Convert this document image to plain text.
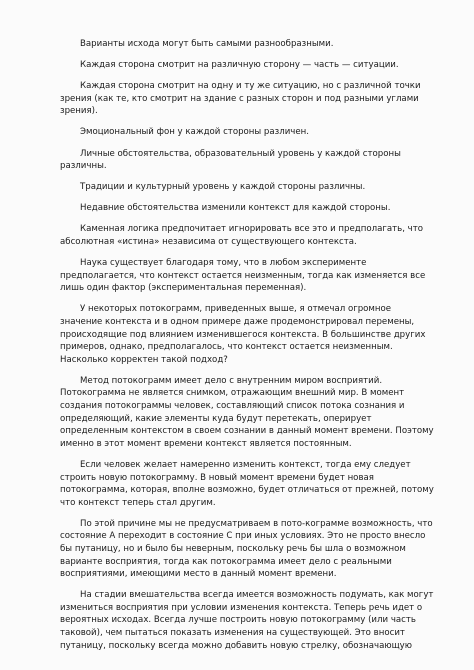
Варианты исхода могут быть самыми разнообразными.

Каждая сторона смотрит на различную сторону — часть — ситуации.

Каждая сторона смотрит на одну и ту же ситуацию, но с различной точки зрения (как те, кто смотрит на здание с разных сторон и под разными углами зрения).

Эмоциональный фон у каждой стороны различен.

Личные обстоятельства, образовательный уровень у каждой стороны различны.

Традиции и культурный уровень у каждой стороны различны.

Недавние обстоятельства изменили контекст для каждой стороны.

Каменная логика предпочитает игнорировать все это и предполагать, что абсолютная «истина» независима от существующего контекста.

Наука существует благодаря тому, что в любом эксперименте предполагается, что контекст остается неизменным, тогда как изменяется все лишь один фактор (экспериментальная переменная).

У некоторых потокограмм, приведенных выше, я отмечал огромное значение контекста и в одном примере даже продемонстрировал перемены, происходящие под влиянием изменившегося контекста. В большинстве других примеров, однако, предполагалось, что контекст остается неизменным. Насколько корректен такой подход?

Метод потокограмм имеет дело с внутренним миром восприятий. Потокограмма не является снимком, отражающим внешний мир. В момент создания потокограммы человек, составляющий список потока сознания и определяющий, какие элементы куда будут перетекать, оперирует определенным контекстом в своем сознании в данный момент времени. Поэтому именно в этот момент времени контекст является постоянным.

Если человек желает намеренно изменить контекст, тогда ему следует строить новую потокограмму. В новый момент времени будет новая потокограмма, которая, вполне возможно, будет отличаться от прежней, потому что контекст теперь стал другим.

По этой причине мы не предусматриваем в пото-кограмме возможность, что состояние А переходит в состояние С при иных условиях. Это не просто внесло бы путаницу, но и было бы неверным, поскольку речь бы шла о возможном варианте восприятия, тогда как потокограмма имеет дело с реальными восприятиями, имеющими место в данный момент времени.

На стадии вмешательства всегда имеется возможность подумать, как могут измениться восприятия при условии изменения контекста. Теперь речь идет о вероятных исходах. Всегда лучше построить новую потокограмму (или часть таковой), чем пытаться показать изменения на существующей. Это вносит путаницу, поскольку всегда можно добавить новую стрелку, обозначающую
